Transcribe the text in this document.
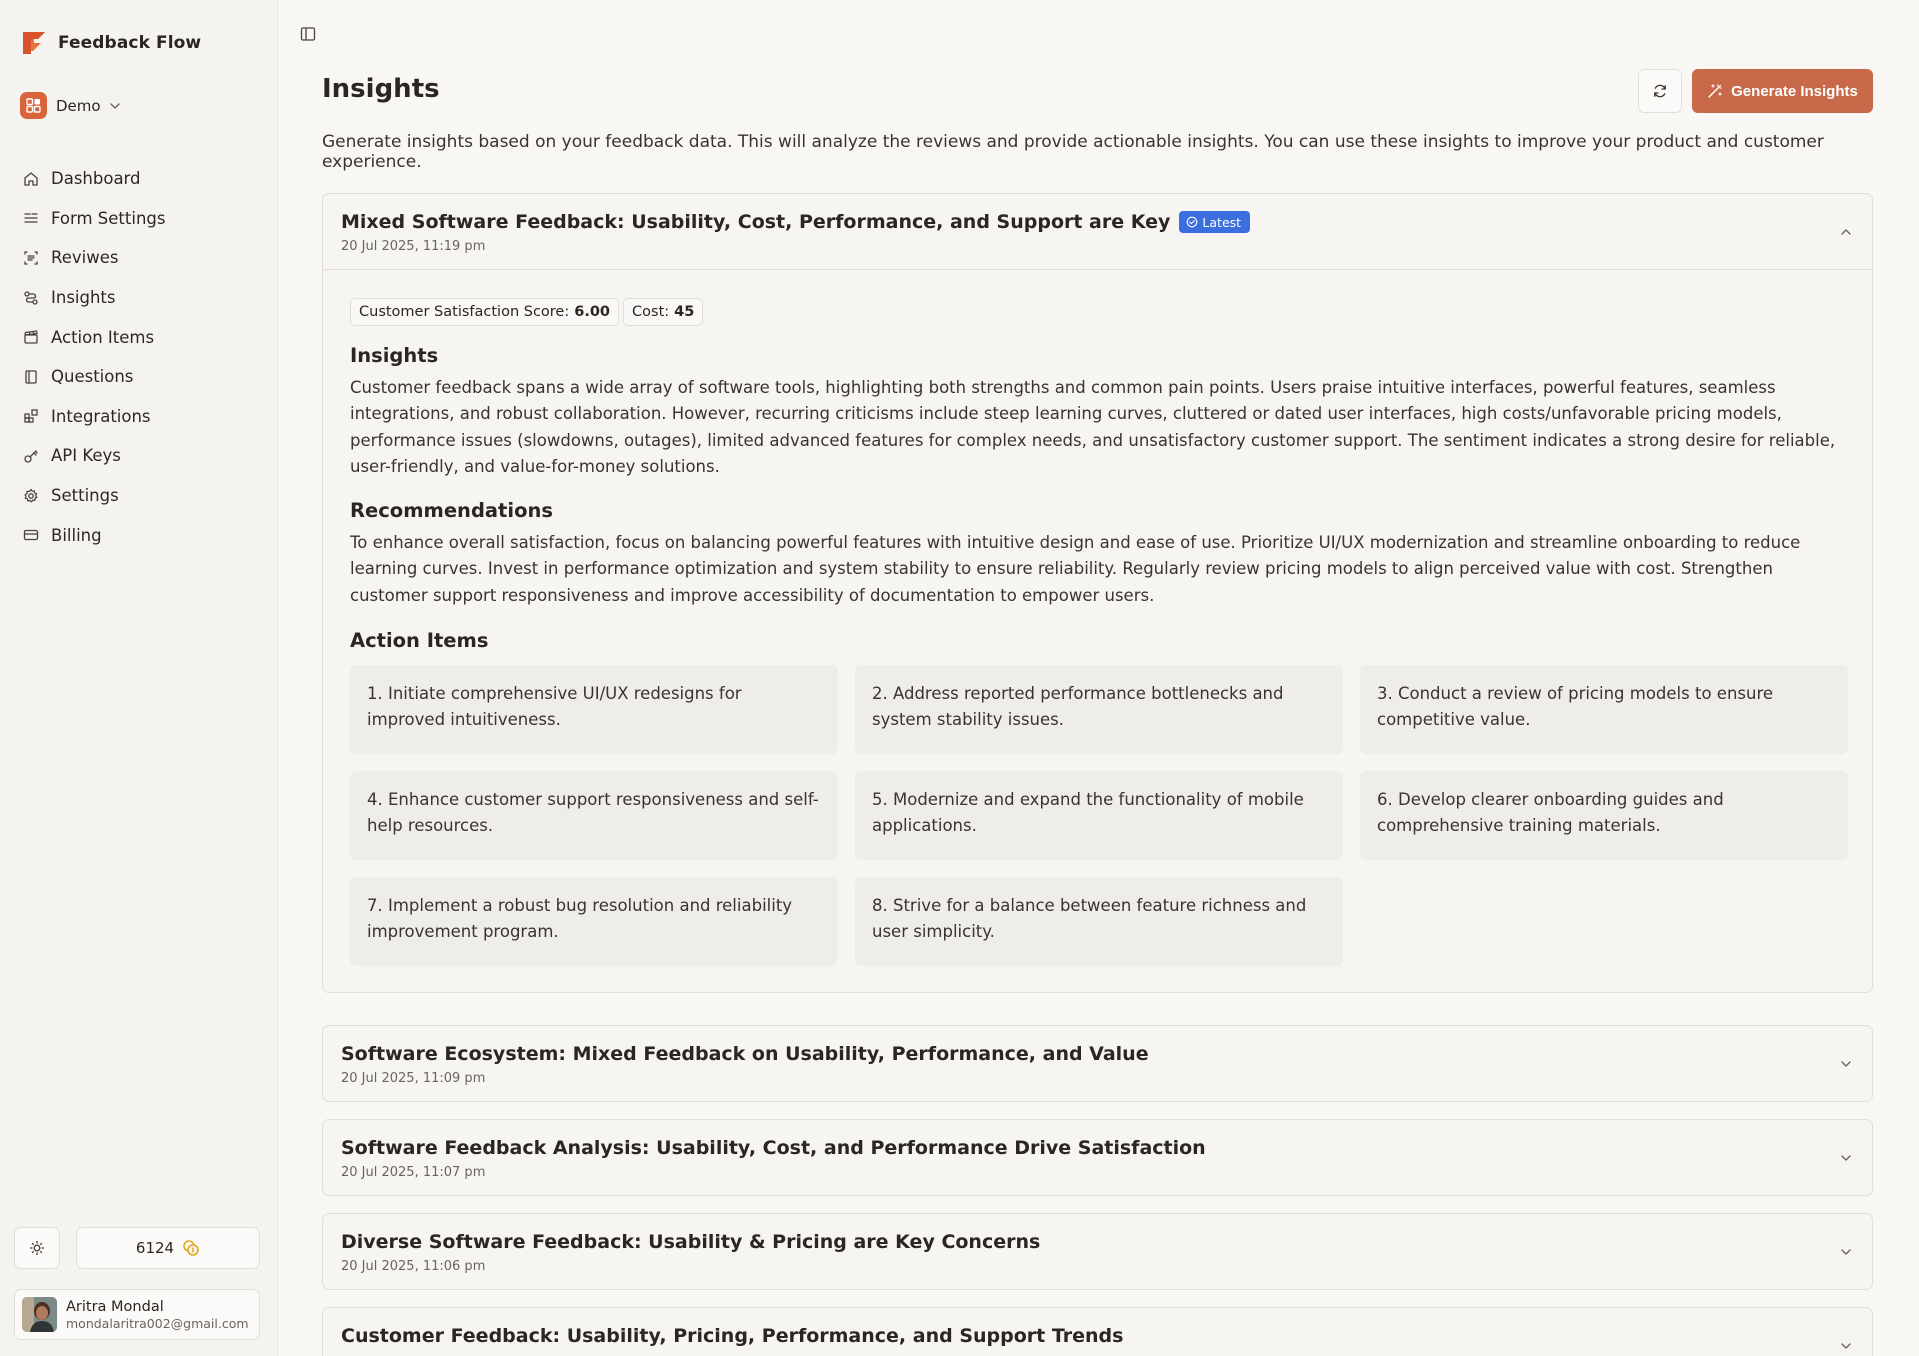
Feedback Flow
Demo
Dashboard
Form Settings
Reviwes
Insights
Action Items
Questions
Integrations
API Keys
Settings
Billing
6124
Aritra Mondal
mondalaritra002@gmail.com
Insights	Generate Insights

Generate insights based on your feedback data. This will analyze the reviews and provide actionable insights. You can use these insights to improve your product and customer experience.

Mixed Software Feedback: Usability, Cost, Performance, and Support are Key	Latest
20 Jul 2025, 11:19 pm
Customer Satisfaction Score: 6.00 Cost: 45
Insights

Customer feedback spans a wide array of software tools, highlighting both strengths and common pain points. Users praise intuitive interfaces, powerful features, seamless integrations, and robust collaboration. However, recurring criticisms include steep learning curves, cluttered or dated user interfaces, high costs/unfavorable pricing models, performance issues (slowdowns, outages), limited advanced features for complex needs, and unsatisfactory customer support. The sentiment indicates a strong desire for reliable, user-friendly, and value-for-money solutions.

Recommendations

To enhance overall satisfaction, focus on balancing powerful features with intuitive design and ease of use. Prioritize UI/UX modernization and streamline onboarding to reduce learning curves. Invest in performance optimization and system stability to ensure reliability. Regularly review pricing models to align perceived value with cost. Strengthen customer support responsiveness and improve accessibility of documentation to empower users.

Action Items
1. Initiate comprehensive UI/UX redesigns for improved intuitiveness.
2. Address reported performance bottlenecks and system stability issues.
3. Conduct a review of pricing models to ensure competitive value.
4. Enhance customer support responsiveness and self-help resources.
5. Modernize and expand the functionality of mobile applications.
6. Develop clearer onboarding guides and comprehensive training materials.
7. Implement a robust bug resolution and reliability improvement program.
8. Strive for a balance between feature richness and user simplicity.
Software Ecosystem: Mixed Feedback on Usability, Performance, and Value
20 Jul 2025, 11:09 pm
Software Feedback Analysis: Usability, Cost, and Performance Drive Satisfaction
20 Jul 2025, 11:07 pm
Diverse Software Feedback: Usability & Pricing are Key Concerns
20 Jul 2025, 11:06 pm
Customer Feedback: Usability, Pricing, Performance, and Support Trends
